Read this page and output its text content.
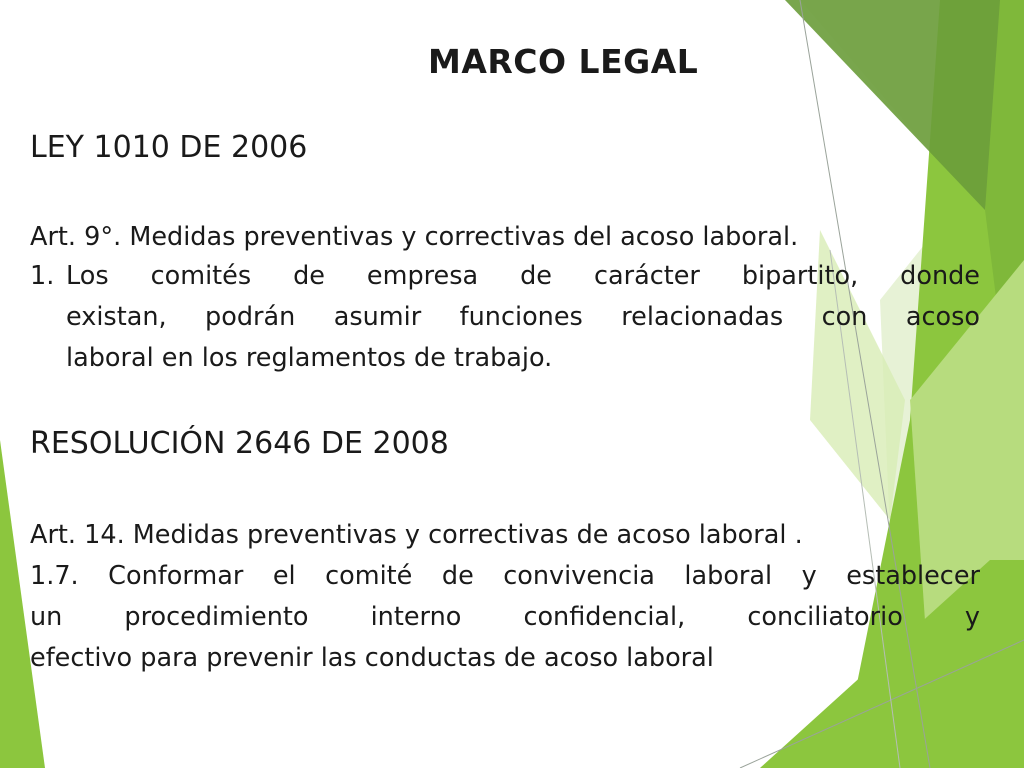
MARCO LEGAL
LEY 1010 DE 2006
Art. 9°. Medidas preventivas y correctivas del acoso laboral.
1. Los comités de empresa de carácter bipartito, donde
existan, podrán asumir funciones relacionadas con acoso
laboral en los reglamentos de trabajo.
RESOLUCIÓN 2646 DE 2008
Art. 14. Medidas preventivas y correctivas de acoso laboral .
1.7. Conformar el comité de convivencia laboral y establecer
un procedimiento interno confidencial, conciliatorio y
efectivo para prevenir las conductas de acoso laboral
